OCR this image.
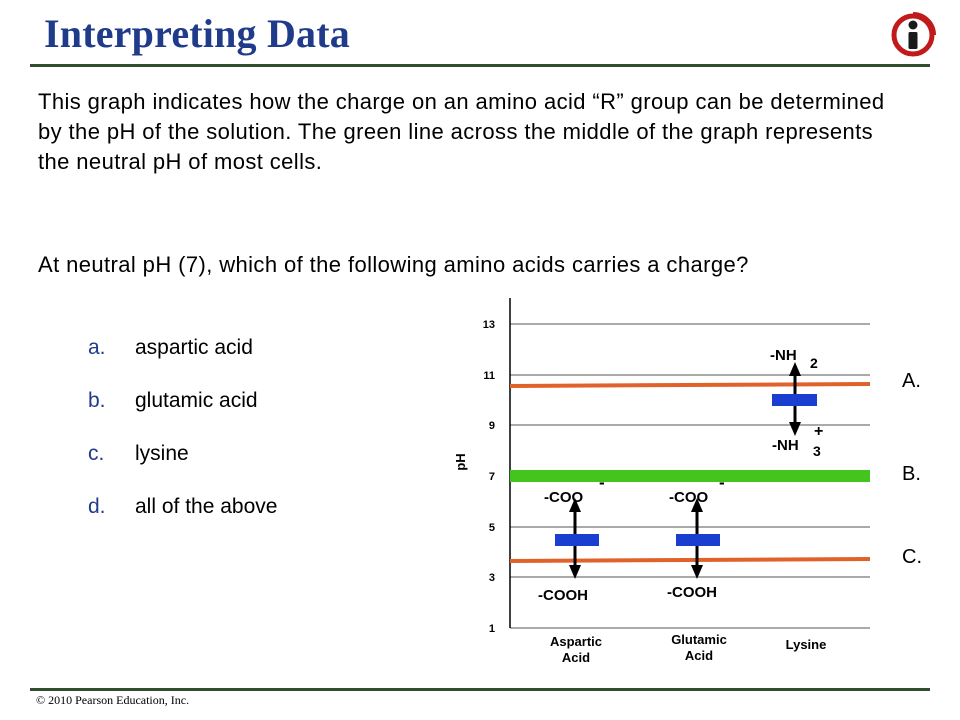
Interpreting Data
This graph indicates how the charge on an amino acid “R” group can be determined by the pH of the solution. The green line across the middle of the graph represents the neutral pH of most cells.
At neutral pH (7), which of the following amino acids carries a charge?
a.	aspartic acid
b.	glutamic acid
c.	lysine
d.	all of the above
13
11
9
7
5
3
1
pH
A.
B.
C.
-COO
-
-COOH
-COO
-
-COOH
-NH 2
-NH 3
+
Aspartic
Acid
Glutamic
Acid
Lysine
© 2010 Pearson Education, Inc.
